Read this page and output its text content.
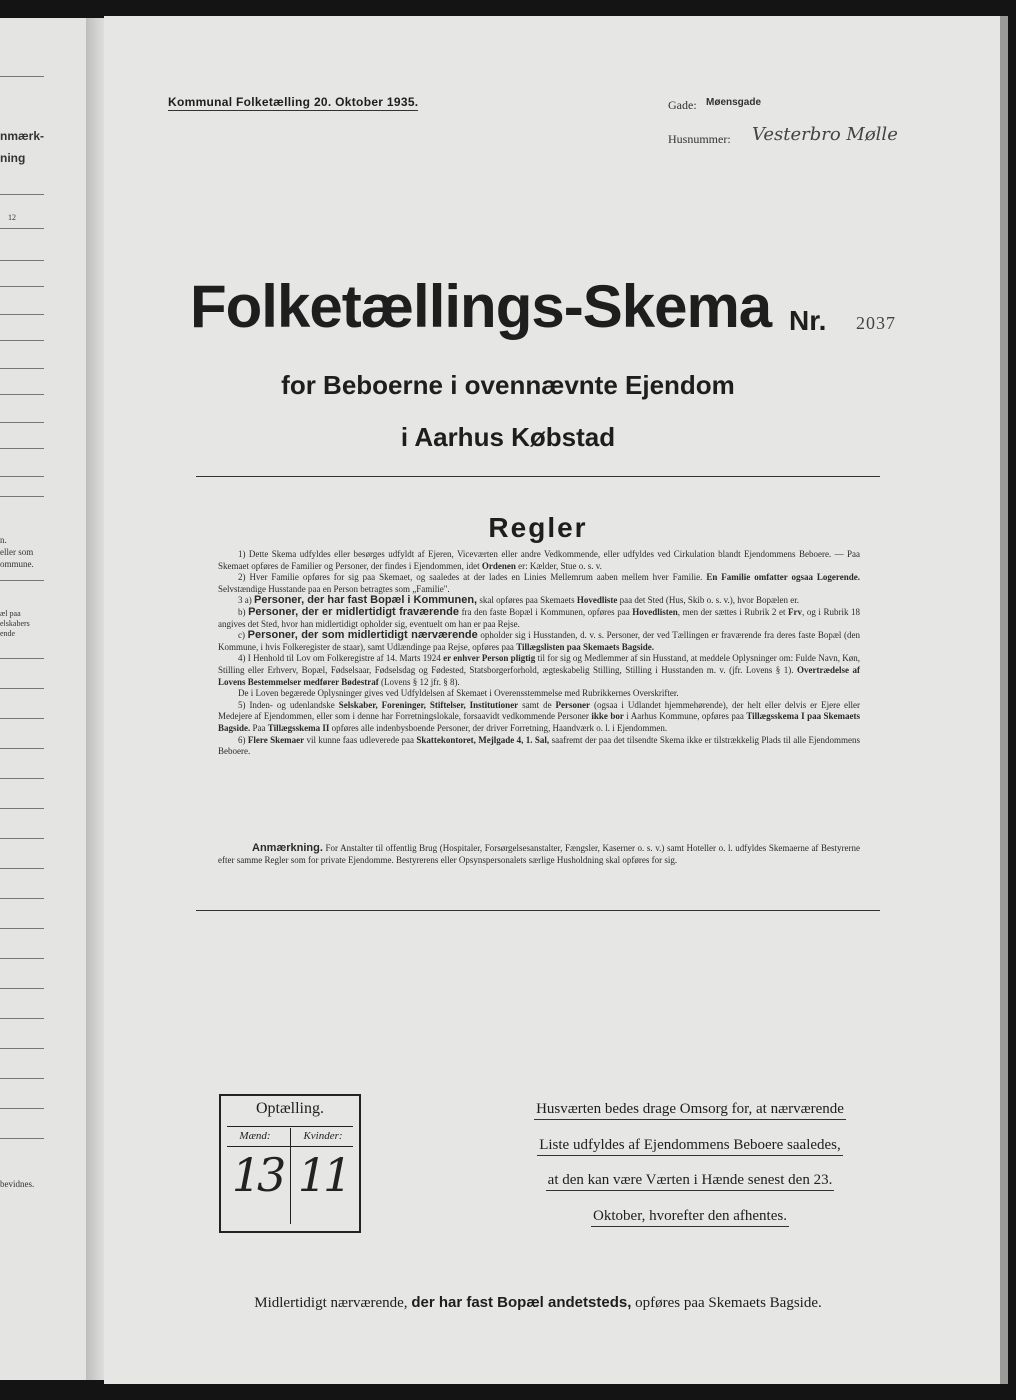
nmærk-
ning
12
n.
eller som
ommune.
æl paa
elskabers
ende
bevidnes.
Kommunal Folketælling 20. Oktober 1935.	Gade: Møensgade
Husnummer: Vesterbro Mølle
Folketællings-Skema Nr. 2037
for Beboerne i ovennævnte Ejendom
i Aarhus Købstad
Regler

1) Dette Skema udfyldes eller besørges udfyldt af Ejeren, Viceværten eller andre Vedkommende, eller udfyldes ved Cirkulation blandt Ejendommens Beboere. — Paa Skemaet opføres de Familier og Personer, der findes i Ejendommen, idet Ordenen er: Kælder, Stue o. s. v.

2) Hver Familie opføres for sig paa Skemaet, og saaledes at der lades en Linies Mellemrum aaben mellem hver Familie. En Familie omfatter ogsaa Logerende. Selvstændige Husstande paa en Person betragtes som „Familie".

3 a) Personer, der har fast Bopæl i Kommunen, skal opføres paa Skemaets Hovedliste paa det Sted (Hus, Skib o. s. v.), hvor Bopælen er.

b) Personer, der er midlertidigt fraværende fra den faste Bopæl i Kommunen, opføres paa Hovedlisten, men der sættes i Rubrik 2 et Frv, og i Rubrik 18 angives det Sted, hvor han midlertidigt opholder sig, eventuelt om han er paa Rejse.

c) Personer, der som midlertidigt nærværende opholder sig i Husstanden, d. v. s. Personer, der ved Tællingen er fraværende fra deres faste Bopæl (den Kommune, i hvis Folkeregister de staar), samt Udlændinge paa Rejse, opføres paa Tillægslisten paa Skemaets Bagside.

4) I Henhold til Lov om Folkeregistre af 14. Marts 1924 er enhver Person pligtig til for sig og Medlemmer af sin Husstand, at meddele Oplysninger om: Fulde Navn, Køn, Stilling eller Erhverv, Bopæl, Fødselsaar, Fødselsdag og Fødested, Statsborgerforhold, ægteskabelig Stilling, Stilling i Husstanden m. v. (jfr. Lovens § 1). Overtrædelse af Lovens Bestemmelser medfører Bødestraf (Lovens § 12 jfr. § 8).

De i Loven begærede Oplysninger gives ved Udfyldelsen af Skemaet i Overensstemmelse med Rubrikkernes Overskrifter.

5) Inden- og udenlandske Selskaber, Foreninger, Stiftelser, Institutioner samt de Personer (ogsaa i Udlandet hjemmehørende), der helt eller delvis er Ejere eller Medejere af Ejendommen, eller som i denne har Forretningslokale, forsaavidt vedkommende Personer ikke bor i Aarhus Kommune, opføres paa Tillægsskema I paa Skemaets Bagside. Paa Tillægsskema II opføres alle indenbysboende Personer, der driver Forretning, Haandværk o. l. i Ejendommen.

6) Flere Skemaer vil kunne faas udleverede paa Skattekontoret, Mejlgade 4, 1. Sal, saafremt der paa det tilsendte Skema ikke er tilstrækkelig Plads til alle Ejendommens Beboere.

Anmærkning. For Anstalter til offentlig Brug (Hospitaler, Forsørgelsesanstalter, Fængsler, Kaserner o. s. v.) samt Hoteller o. l. udfyldes Skemaerne af Bestyrerne efter samme Regler som for private Ejendomme. Bestyrerens eller Opsynspersonalets særlige Husholdning skal opføres for sig.

Optælling.
Mænd:	Kvinder:
13 11
Husværten bedes drage Omsorg for, at nærværende
Liste udfyldes af Ejendommens Beboere saaledes,
at den kan være Værten i Hænde senest den 23.
Oktober, hvorefter den afhentes.
Midlertidigt nærværende, der har fast Bopæl andetsteds, opføres paa Skemaets Bagside.
